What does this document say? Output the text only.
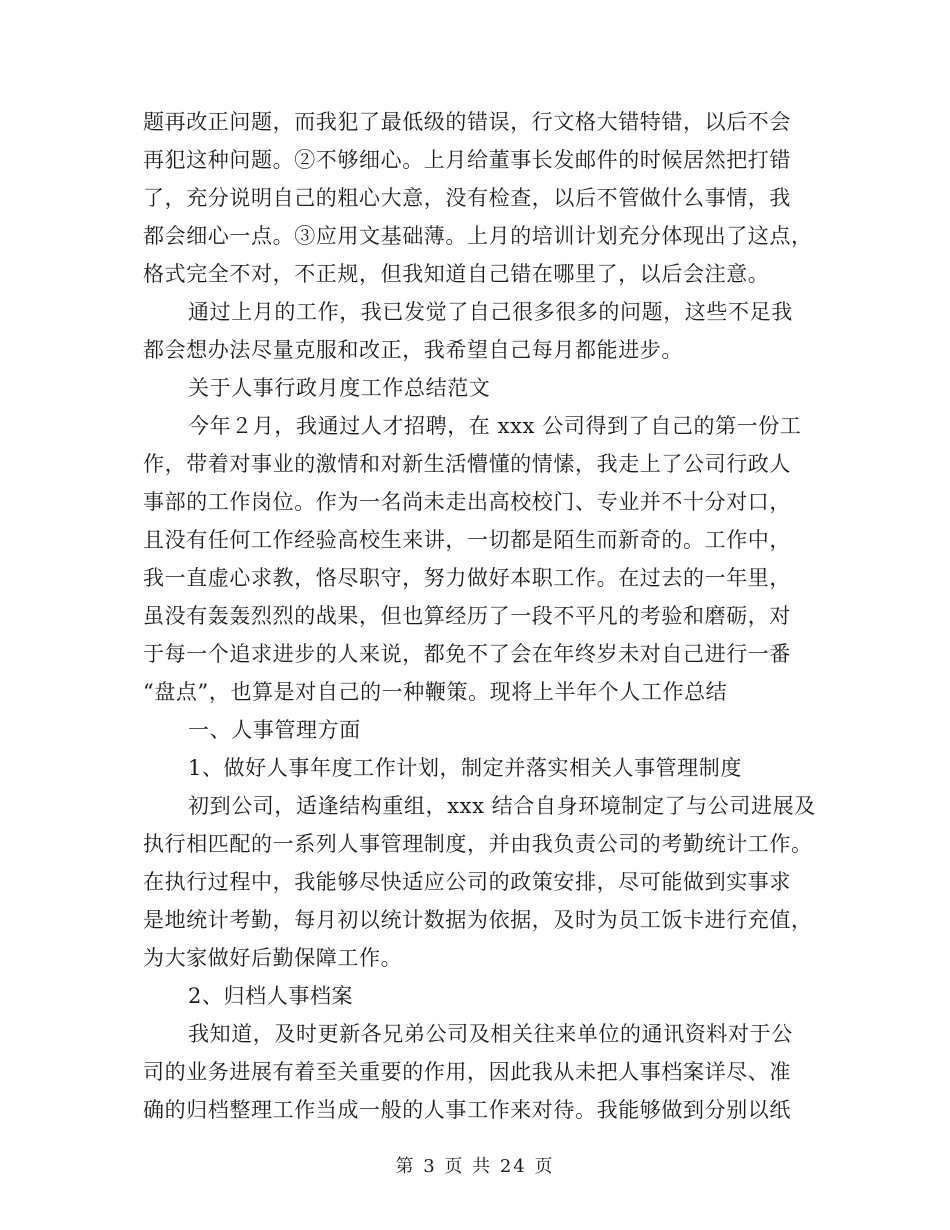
题再改正问题，而我犯了最低级的错误，行文格大错特错，以后不会
再犯这种问题。②不够细心。上月给董事长发邮件的时候居然把打错
了，充分说明自己的粗心大意，没有检查，以后不管做什么事情，我
都会细心一点。③应用文基础薄。上月的培训计划充分体现出了这点，
格式完全不对，不正规，但我知道自己错在哪里了，以后会注意。
通过上月的工作，我已发觉了自己很多很多的问题，这些不足我
都会想办法尽量克服和改正，我希望自己每月都能进步。
关于人事行政月度工作总结范文
今年２月，我通过人才招聘，在 xxx 公司得到了自己的第一份工
作，带着对事业的激情和对新生活懵懂的情愫，我走上了公司行政人
事部的工作岗位。作为一名尚未走出高校校门、专业并不十分对口，
且没有任何工作经验高校生来讲，一切都是陌生而新奇的。工作中，
我一直虚心求教，恪尽职守，努力做好本职工作。在过去的一年里，
虽没有轰轰烈烈的战果，但也算经历了一段不平凡的考验和磨砺，对
于每一个追求进步的人来说，都免不了会在年终岁未对自己进行一番
“盘点”，也算是对自己的一种鞭策。现将上半年个人工作总结
一、人事管理方面
1、做好人事年度工作计划，制定并落实相关人事管理制度
初到公司，适逢结构重组，xxx 结合自身环境制定了与公司进展及
执行相匹配的一系列人事管理制度，并由我负责公司的考勤统计工作。
在执行过程中，我能够尽快适应公司的政策安排，尽可能做到实事求
是地统计考勤，每月初以统计数据为依据，及时为员工饭卡进行充值，
为大家做好后勤保障工作。
2、归档人事档案
我知道，及时更新各兄弟公司及相关往来单位的通讯资料对于公
司的业务进展有着至关重要的作用，因此我从未把人事档案详尽、准
确的归档整理工作当成一般的人事工作来对待。我能够做到分别以纸
第 3 页 共 24 页
